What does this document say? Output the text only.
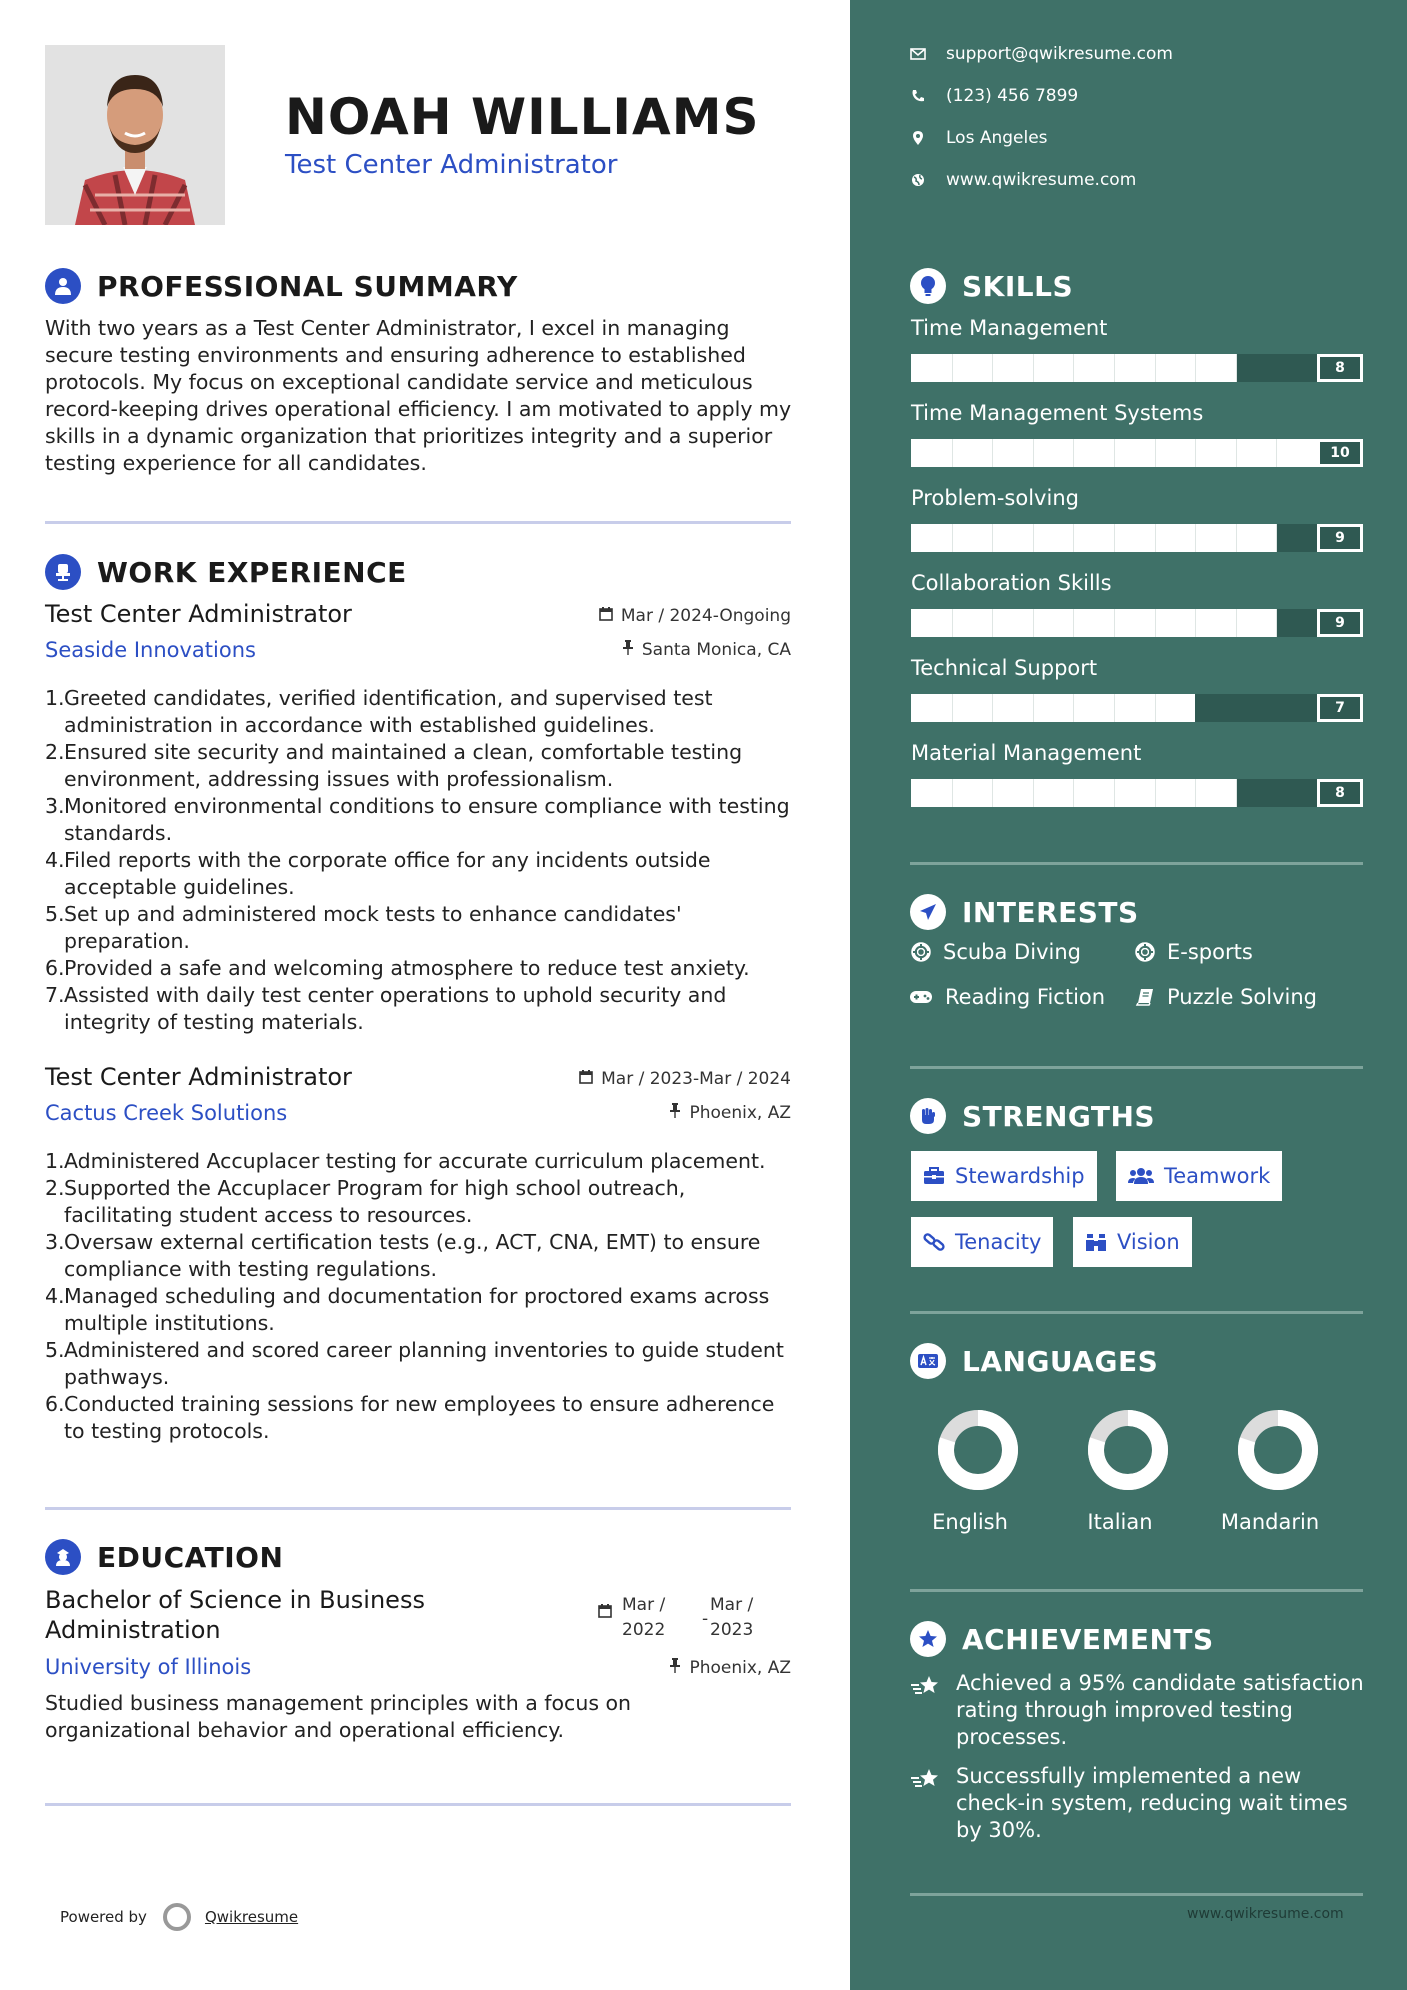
NOAH WILLIAMS
Test Center Administrator
PROFESSIONAL SUMMARY
With two years as a Test Center Administrator, I excel in managing secure testing environments and ensuring adherence to established protocols. My focus on exceptional candidate service and meticulous record-keeping drives operational efficiency. I am motivated to apply my skills in a dynamic organization that prioritizes integrity and a superior testing experience for all candidates.
WORK EXPERIENCE
Test Center Administrator
Seaside Innovations
Mar / 2024-Ongoing
Santa Monica, CA
1. Greeted candidates, verified identification, and supervised test administration in accordance with established guidelines.
2. Ensured site security and maintained a clean, comfortable testing environment, addressing issues with professionalism.
3. Monitored environmental conditions to ensure compliance with testing standards.
4. Filed reports with the corporate office for any incidents outside acceptable guidelines.
5. Set up and administered mock tests to enhance candidates' preparation.
6. Provided a safe and welcoming atmosphere to reduce test anxiety.
7. Assisted with daily test center operations to uphold security and integrity of testing materials.
Test Center Administrator
Cactus Creek Solutions
Mar / 2023-Mar / 2024
Phoenix, AZ
1. Administered Accuplacer testing for accurate curriculum placement.
2. Supported the Accuplacer Program for high school outreach, facilitating student access to resources.
3. Oversaw external certification tests (e.g., ACT, CNA, EMT) to ensure compliance with testing regulations.
4. Managed scheduling and documentation for proctored exams across multiple institutions.
5. Administered and scored career planning inventories to guide student pathways.
6. Conducted training sessions for new employees to ensure adherence to testing protocols.
EDUCATION
Bachelor of Science in Business
Administration
Mar /
2022
-
Mar /
2023
University of Illinois	Phoenix, AZ
Studied business management principles with a focus on organizational behavior and operational efficiency.
Powered by	Qwikresume
support@qwikresume.com
(123) 456 7899
Los Angeles
www.qwikresume.com
SKILLS
Time Management
8
Time Management Systems
10
Problem-solving
9
Collaboration Skills
9
Technical Support
7
Material Management
8
INTERESTS
Scuba Diving	E-sports
Reading Fiction	Puzzle Solving
STRENGTHS
Stewardship	Teamwork
Tenacity	Vision
LANGUAGES
English	Italian	Mandarin
ACHIEVEMENTS
Achieved a 95% candidate satisfaction rating through improved testing processes.
Successfully implemented a new check-in system, reducing wait times by 30%.
www.qwikresume.com
